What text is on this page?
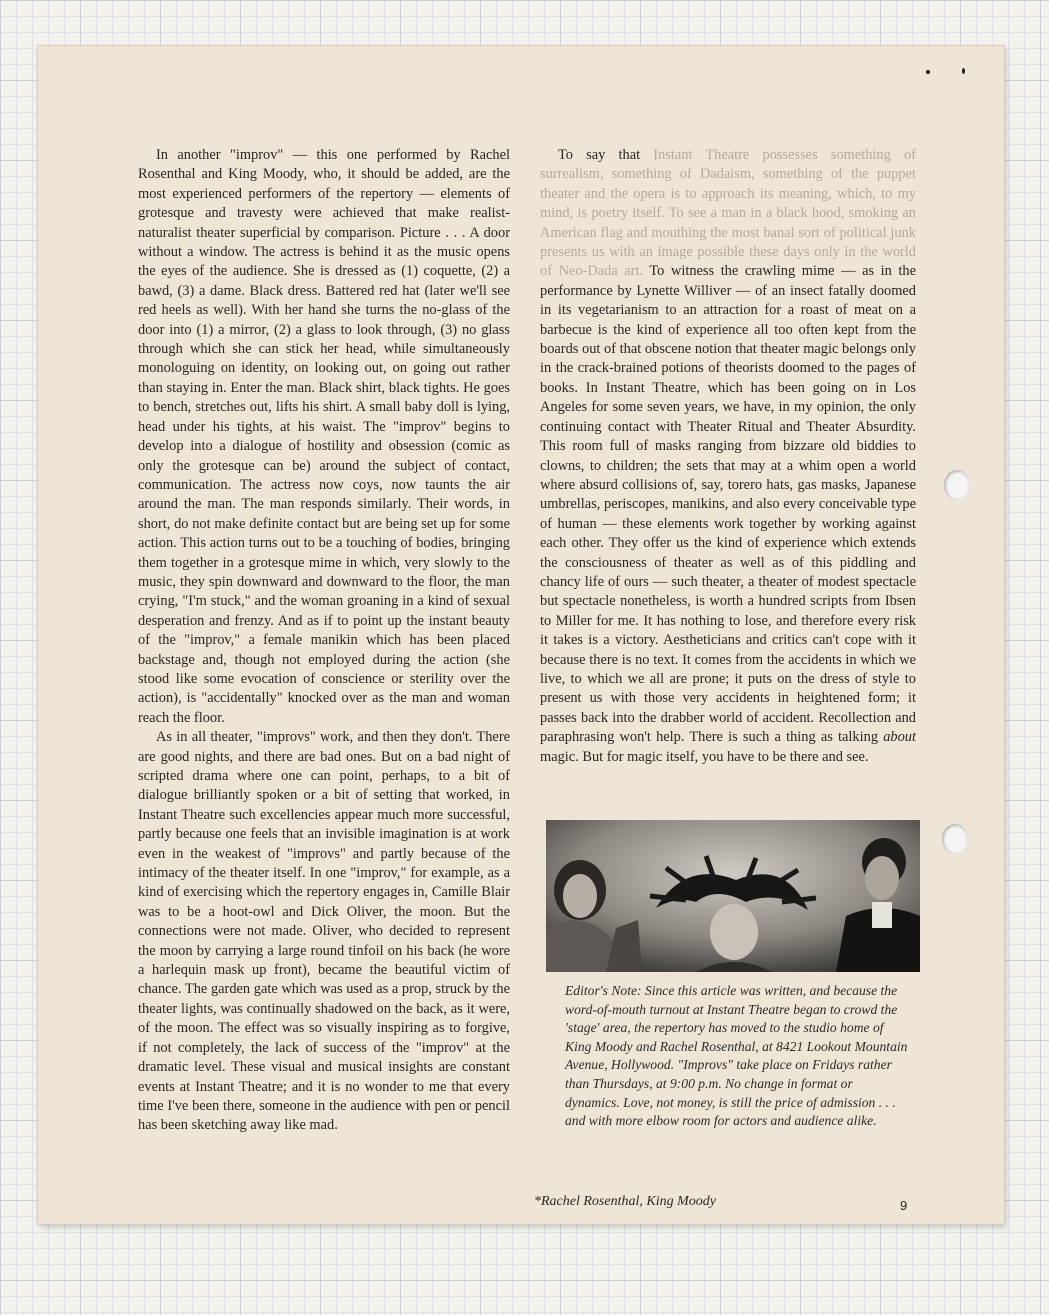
In another "improv" — this one performed by Rachel Rosenthal and King Moody, who, it should be added, are the most experienced performers of the repertory — elements of grotesque and travesty were achieved that make realist-naturalist theater superficial by comparison. Picture . . . A door without a window. The actress is behind it as the music opens the eyes of the audience. She is dressed as (1) coquette, (2) a bawd, (3) a dame. Black dress. Battered red hat (later we'll see red heels as well). With her hand she turns the no-glass of the door into (1) a mirror, (2) a glass to look through, (3) no glass through which she can stick her head, while simultaneously monologuing on identity, on looking out, on going out rather than staying in. Enter the man. Black shirt, black tights. He goes to bench, stretches out, lifts his shirt. A small baby doll is lying, head under his tights, at his waist. The "improv" begins to develop into a dialogue of hostility and obsession (comic as only the grotesque can be) around the subject of contact, communication. The actress now coys, now taunts the air around the man. The man responds similarly. Their words, in short, do not make definite contact but are being set up for some action. This action turns out to be a touching of bodies, bringing them together in a grotesque mime in which, very slowly to the music, they spin downward and downward to the floor, the man crying, "I'm stuck," and the woman groaning in a kind of sexual desperation and frenzy. And as if to point up the instant beauty of the "improv," a female manikin which has been placed backstage and, though not employed during the action (she stood like some evocation of conscience or sterility over the action), is "accidentally" knocked over as the man and woman reach the floor.

As in all theater, "improvs" work, and then they don't. There are good nights, and there are bad ones. But on a bad night of scripted drama where one can point, perhaps, to a bit of dialogue brilliantly spoken or a bit of setting that worked, in Instant Theatre such excellencies appear much more successful, partly because one feels that an invisible imagination is at work even in the weakest of "improvs" and partly because of the intimacy of the theater itself. In one "improv," for example, as a kind of exercising which the repertory engages in, Camille Blair was to be a hoot-owl and Dick Oliver, the moon. But the connections were not made. Oliver, who decided to represent the moon by carrying a large round tinfoil on his back (he wore a harlequin mask up front), became the beautiful victim of chance. The garden gate which was used as a prop, struck by the theater lights, was continually shadowed on the back, as it were, of the moon. The effect was so visually inspiring as to forgive, if not completely, the lack of success of the "improv" at the dramatic level. These visual and musical insights are constant events at Instant Theatre; and it is no wonder to me that every time I've been there, someone in the audience with pen or pencil has been sketching away like mad.

To say that Instant Theatre possesses something of surrealism, something of Dadaism, something of the puppet theater and the opera is to approach its meaning, which, to my mind, is poetry itself. To see a man in a black hood, smoking an American flag and mouthing the most banal sort of political junk presents us with an image possible these days only in the world of Neo-Dada art. To witness the crawling mime — as in the performance by Lynette Williver — of an insect fatally doomed in its vegetarianism to an attraction for a roast of meat on a barbecue is the kind of experience all too often kept from the boards out of that obscene notion that theater magic belongs only in the crack-brained potions of theorists doomed to the pages of books. In Instant Theatre, which has been going on in Los Angeles for some seven years, we have, in my opinion, the only continuing contact with Theater Ritual and Theater Absurdity. This room full of masks ranging from bizzare old biddies to clowns, to children; the sets that may at a whim open a world where absurd collisions of, say, torero hats, gas masks, Japanese umbrellas, periscopes, manikins, and also every conceivable type of human — these elements work together by working against each other. They offer us the kind of experience which extends the consciousness of theater as well as of this piddling and chancy life of ours — such theater, a theater of modest spectacle but spectacle nonetheless, is worth a hundred scripts from Ibsen to Miller for me. It has nothing to lose, and therefore every risk it takes is a victory. Aestheticians and critics can't cope with it because there is no text. It comes from the accidents in which we live, to which we all are prone; it puts on the dress of style to present us with those very accidents in heightened form; it passes back into the drabber world of accident. Recollection and paraphrasing won't help. There is such a thing as talking about magic. But for magic itself, you have to be there and see.

Editor's Note: Since this article was written, and because the word-of-mouth turnout at Instant Theatre began to crowd the 'stage' area, the repertory has moved to the studio home of King Moody and Rachel Rosenthal, at 8421 Lookout Mountain Avenue, Hollywood. "Improvs" take place on Fridays rather than Thursdays, at 9:00 p.m. No change in format or dynamics. Love, not money, is still the price of admission . . . and with more elbow room for actors and audience alike.
*Rachel Rosenthal, King Moody	9
